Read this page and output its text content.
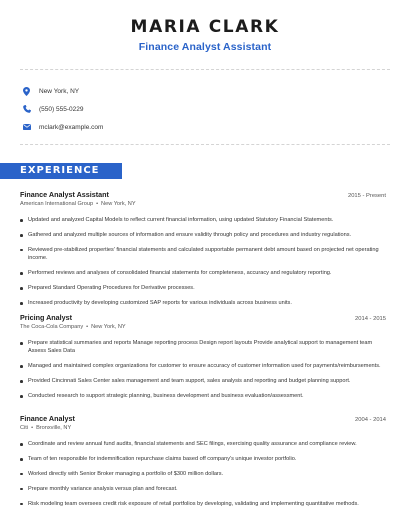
MARIA CLARK
Finance Analyst Assistant
New York, NY
(550) 555-0229
mclark@example.com
EXPERIENCE
Finance Analyst Assistant	2015 - Present
American International Group • New York, NY
Updated and analyzed Capital Models to reflect current financial information, using updated Statutory Financial Statements.
Gathered and analyzed multiple sources of information and ensure validity through policy and procedures and industry regulations.
Reviewed pre-stabilized properties' financial statements and calculated supportable permanent debt amount based on projected net operating income.
Performed reviews and analyses of consolidated financial statements for completeness, accuracy and regulatory reporting.
Prepared Standard Operating Procedures for Derivative processes.
Increased productivity by developing customized SAP reports for various individuals across business units.
Pricing Analyst	2014 - 2015
The Coca-Cola Company • New York, NY
Prepare statistical summaries and reports Manage reporting process Design report layouts Provide analytical support to management team Assess Sales Data
Managed and maintained complex organizations for customer to ensure accuracy of customer information used for payments/reimbursements.
Provided Cincinnati Sales Center sales management and team support, sales analysis and reporting and budget planning support.
Conducted research to support strategic planning, business development and business evaluation/assessment.
Finance Analyst	2004 - 2014
Citi • Bronxville, NY
Coordinate and review annual fund audits, financial statements and SEC filings, exercising quality assurance and compliance review.
Team of ten responsible for indemnification repurchase claims based off company's unique investor portfolio.
Worked directly with Senior Broker managing a portfolio of $300 million dollars.
Prepare monthly variance analysis versus plan and forecast.
Risk modeling team oversees credit risk exposure of retail portfolios by developing, validating and implementing quantitative methods.
